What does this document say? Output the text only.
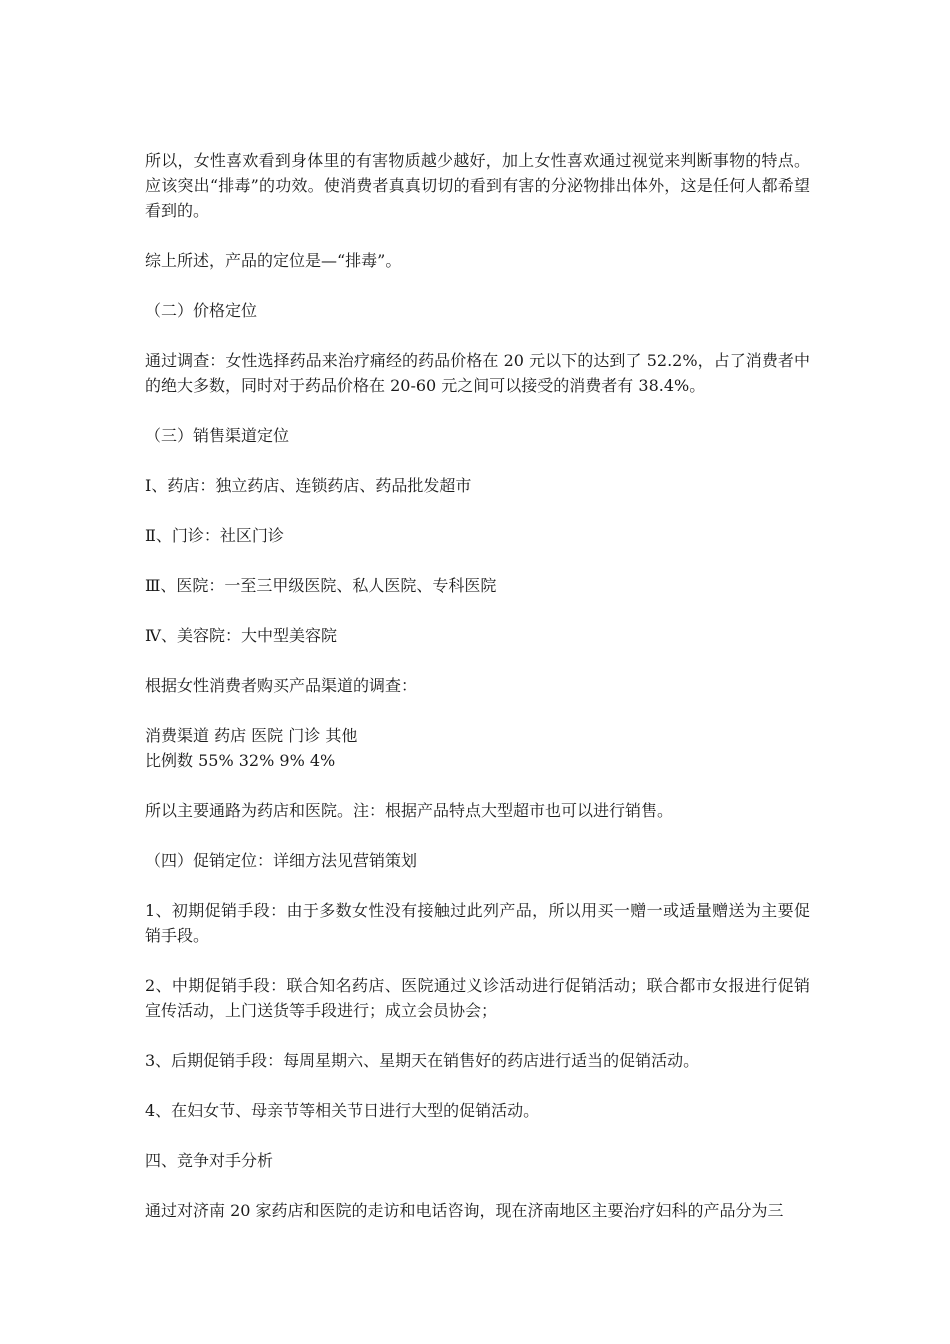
所以，女性喜欢看到身体里的有害物质越少越好，加上女性喜欢通过视觉来判断事物的特点。应该突出“排毒”的功效。使消费者真真切切的看到有害的分泌物排出体外，这是任何人都希望看到的。

综上所述，产品的定位是—“排毒”。

（二）价格定位

通过调查：女性选择药品来治疗痛经的药品价格在 20 元以下的达到了 52.2%，占了消费者中的绝大多数，同时对于药品价格在 20-60 元之间可以接受的消费者有 38.4%。

（三）销售渠道定位

Ⅰ、药店：独立药店、连锁药店、药品批发超市

Ⅱ、门诊：社区门诊

Ⅲ、医院：一至三甲级医院、私人医院、专科医院

Ⅳ、美容院：大中型美容院

根据女性消费者购买产品渠道的调查：

消费渠道 药店 医院 门诊 其他

比例数 55% 32% 9% 4%

所以主要通路为药店和医院。注：根据产品特点大型超市也可以进行销售。

（四）促销定位：详细方法见营销策划

1、初期促销手段：由于多数女性没有接触过此列产品，所以用买一赠一或适量赠送为主要促销手段。

2、中期促销手段：联合知名药店、医院通过义诊活动进行促销活动；联合都市女报进行促销宣传活动，上门送货等手段进行；成立会员协会；

3、后期促销手段：每周星期六、星期天在销售好的药店进行适当的促销活动。

4、在妇女节、母亲节等相关节日进行大型的促销活动。

四、竞争对手分析

通过对济南 20 家药店和医院的走访和电话咨询，现在济南地区主要治疗妇科的产品分为三
